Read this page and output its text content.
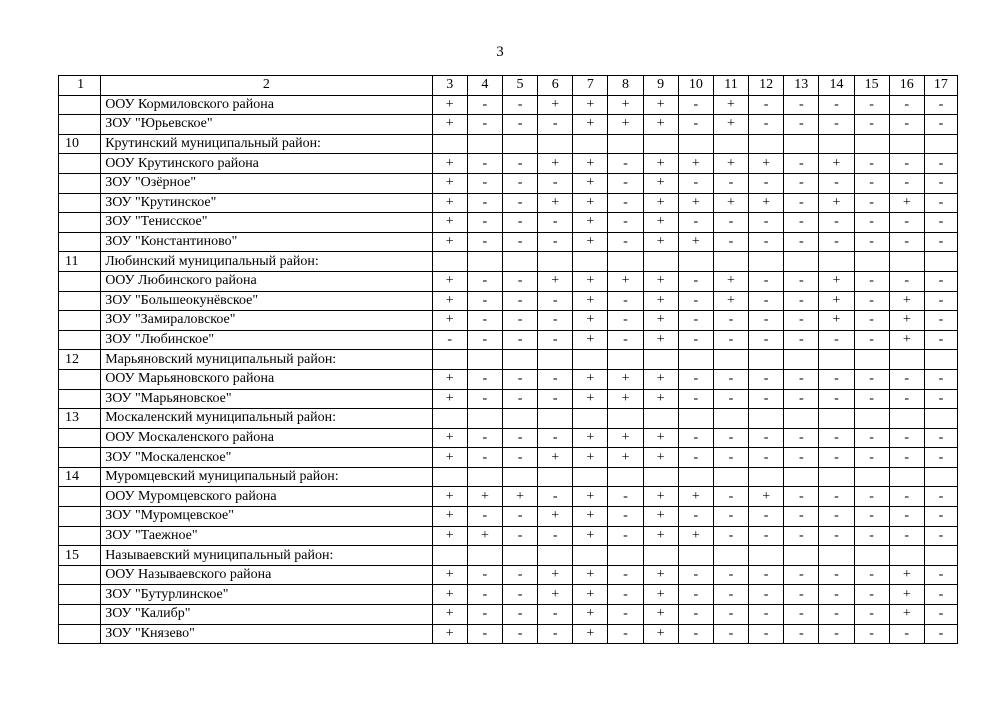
3
1	2	3	4	5	6	7	8	9	10	11	12	13	14	15	16	17
	ООУ Кормиловского района	+	-	-	+	+	+	+	-	+	-	-	-	-	-	-
	ЗОУ "Юрьевское"	+	-	-	-	+	+	+	-	+	-	-	-	-	-	-
10	Крутинский муниципальный район:															
	ООУ Крутинского района	+	-	-	+	+	-	+	+	+	+	-	+	-	-	-
	ЗОУ "Озёрное"	+	-	-	-	+	-	+	-	-	-	-	-	-	-	-
	ЗОУ "Крутинское"	+	-	-	+	+	-	+	+	+	+	-	+	-	+	-
	ЗОУ "Тенисское"	+	-	-	-	+	-	+	-	-	-	-	-	-	-	-
	ЗОУ "Константиново"	+	-	-	-	+	-	+	+	-	-	-	-	-	-	-
11	Любинский муниципальный район:															
	ООУ Любинского района	+	-	-	+	+	+	+	-	+	-	-	+	-	-	-
	ЗОУ "Большеокунёвское"	+	-	-	-	+	-	+	-	+	-	-	+	-	+	-
	ЗОУ "Замираловское"	+	-	-	-	+	-	+	-	-	-	-	+	-	+	-
	ЗОУ "Любинское"	-	-	-	-	+	-	+	-	-	-	-	-	-	+	-
12	Марьяновский муниципальный район:															
	ООУ Марьяновского района	+	-	-	-	+	+	+	-	-	-	-	-	-	-	-
	ЗОУ "Марьяновское"	+	-	-	-	+	+	+	-	-	-	-	-	-	-	-
13	Москаленский муниципальный район:															
	ООУ Москаленского района	+	-	-	-	+	+	+	-	-	-	-	-	-	-	-
	ЗОУ "Москаленское"	+	-	-	+	+	+	+	-	-	-	-	-	-	-	-
14	Муромцевский муниципальный район:															
	ООУ Муромцевского района	+	+	+	-	+	-	+	+	-	+	-	-	-	-	-
	ЗОУ "Муромцевское"	+	-	-	+	+	-	+	-	-	-	-	-	-	-	-
	ЗОУ "Таежное"	+	+	-	-	+	-	+	+	-	-	-	-	-	-	-
15	Называевский муниципальный район:															
	ООУ Называевского района	+	-	-	+	+	-	+	-	-	-	-	-	-	+	-
	ЗОУ "Бутурлинское"	+	-	-	+	+	-	+	-	-	-	-	-	-	+	-
	ЗОУ "Калибр"	+	-	-	-	+	-	+	-	-	-	-	-	-	+	-
	ЗОУ "Князево"	+	-	-	-	+	-	+	-	-	-	-	-	-	-	-
